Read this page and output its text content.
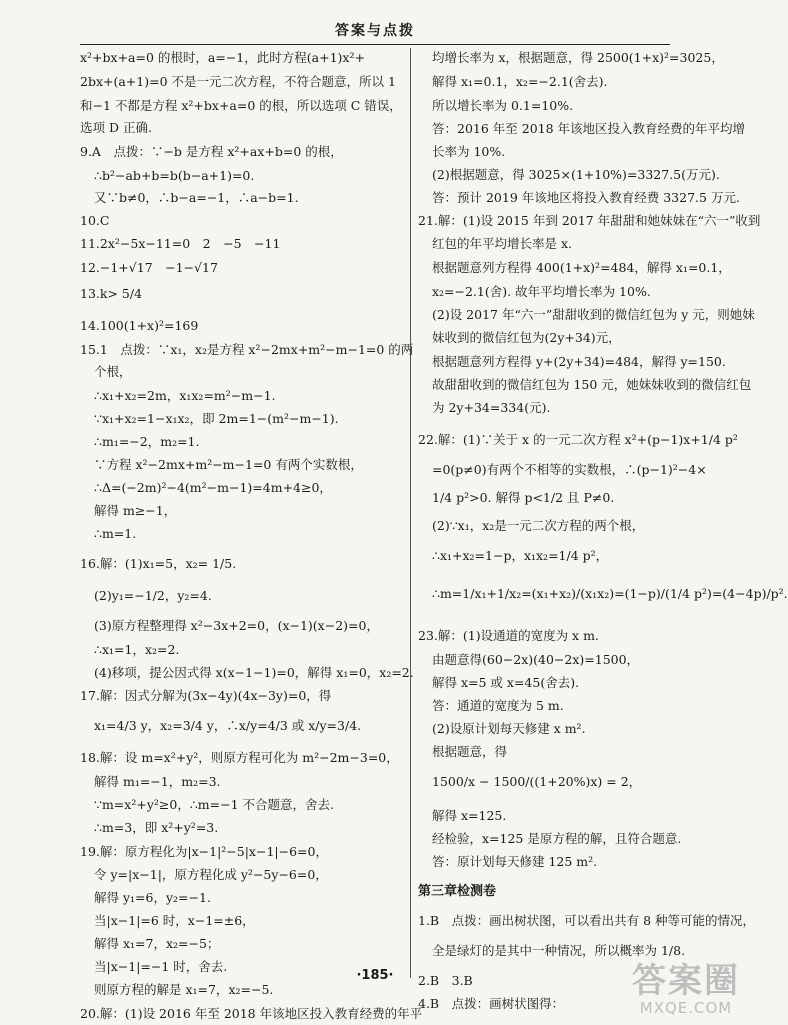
答案与点拨
x²+bx+a=0 的根时，a=−1，此时方程(a+1)x²+
2bx+(a+1)=0 不是一元二次方程，不符合题意，所以 1
和−1 不都是方程 x²+bx+a=0 的根，所以选项 C 错误，
选项 D 正确.
9.A　点拨：∵−b 是方程 x²+ax+b=0 的根，
∴b²−ab+b=b(b−a+1)=0.
又∵b≠0，∴b−a=−1，∴a−b=1.
10.C
11.2x²−5x−11=0　2　−5　−11
12.−1+√17　−1−√17
13.k> 5/4
14.100(1+x)²=169
15.1　点拨：∵x₁，x₂是方程 x²−2mx+m²−m−1=0 的两
个根，
∴x₁+x₂=2m，x₁x₂=m²−m−1.
∵x₁+x₂=1−x₁x₂，即 2m=1−(m²−m−1).
∴m₁=−2，m₂=1.
∵方程 x²−2mx+m²−m−1=0 有两个实数根，
∴Δ=(−2m)²−4(m²−m−1)=4m+4≥0，
解得 m≥−1，
∴m=1.
16.解：(1)x₁=5，x₂= 1/5.
(2)y₁=−1/2，y₂=4.
(3)原方程整理得 x²−3x+2=0，(x−1)(x−2)=0，
∴x₁=1，x₂=2.
(4)移项，提公因式得 x(x−1−1)=0，解得 x₁=0，x₂=2.
17.解：因式分解为(3x−4y)(4x−3y)=0，得
x₁=4/3 y，x₂=3/4 y，∴x/y=4/3 或 x/y=3/4.
18.解：设 m=x²+y²，则原方程可化为 m²−2m−3=0，
解得 m₁=−1，m₂=3.
∵m=x²+y²≥0，∴m=−1 不合题意，舍去.
∴m=3，即 x²+y²=3.
19.解：原方程化为|x−1|²−5|x−1|−6=0，
令 y=|x−1|，原方程化成 y²−5y−6=0，
解得 y₁=6，y₂=−1.
当|x−1|=6 时，x−1=±6，
解得 x₁=7，x₂=−5；
当|x−1|=−1 时，舍去.
则原方程的解是 x₁=7，x₂=−5.
20.解：(1)设 2016 年至 2018 年该地区投入教育经费的年平
均增长率为 x，根据题意，得 2500(1+x)²=3025，
解得 x₁=0.1，x₂=−2.1(舍去).
所以增长率为 0.1=10%.
答：2016 年至 2018 年该地区投入教育经费的年平均增
长率为 10%.
(2)根据题意，得 3025×(1+10%)=3327.5(万元).
答：预计 2019 年该地区将投入教育经费 3327.5 万元.
21.解：(1)设 2015 年到 2017 年甜甜和她妹妹在“六一”收到
红包的年平均增长率是 x.
根据题意列方程得 400(1+x)²=484，解得 x₁=0.1，
x₂=−2.1(舍). 故年平均增长率为 10%.
(2)设 2017 年“六一”甜甜收到的微信红包为 y 元，则她妹
妹收到的微信红包为(2y+34)元，
根据题意列方程得 y+(2y+34)=484，解得 y=150.
故甜甜收到的微信红包为 150 元，她妹妹收到的微信红包
为 2y+34=334(元).
22.解：(1)∵关于 x 的一元二次方程 x²+(p−1)x+1/4 p²
=0(p≠0)有两个不相等的实数根，∴(p−1)²−4×
1/4 p²>0. 解得 p<1/2 且 P≠0.
(2)∵x₁，x₂是一元二次方程的两个根，
∴x₁+x₂=1−p，x₁x₂=1/4 p²，
∴m=1/x₁+1/x₂=(x₁+x₂)/(x₁x₂)=(1−p)/(1/4 p²)=(4−4p)/p².
23.解：(1)设通道的宽度为 x m.
由题意得(60−2x)(40−2x)=1500，
解得 x=5 或 x=45(舍去).
答：通道的宽度为 5 m.
(2)设原计划每天修建 x m².
根据题意，得
1500/x − 1500/((1+20%)x) = 2，
解得 x=125.
经检验，x=125 是原方程的解，且符合题意.
答：原计划每天修建 125 m².
第三章检测卷
1.B　点拨：画出树状图，可以看出共有 8 种等可能的情况，
全是绿灯的是其中一种情况，所以概率为 1/8.
2.B　3.B
4.B　点拨：画树状图得：
·185·	答案圈
MXQE.COM
